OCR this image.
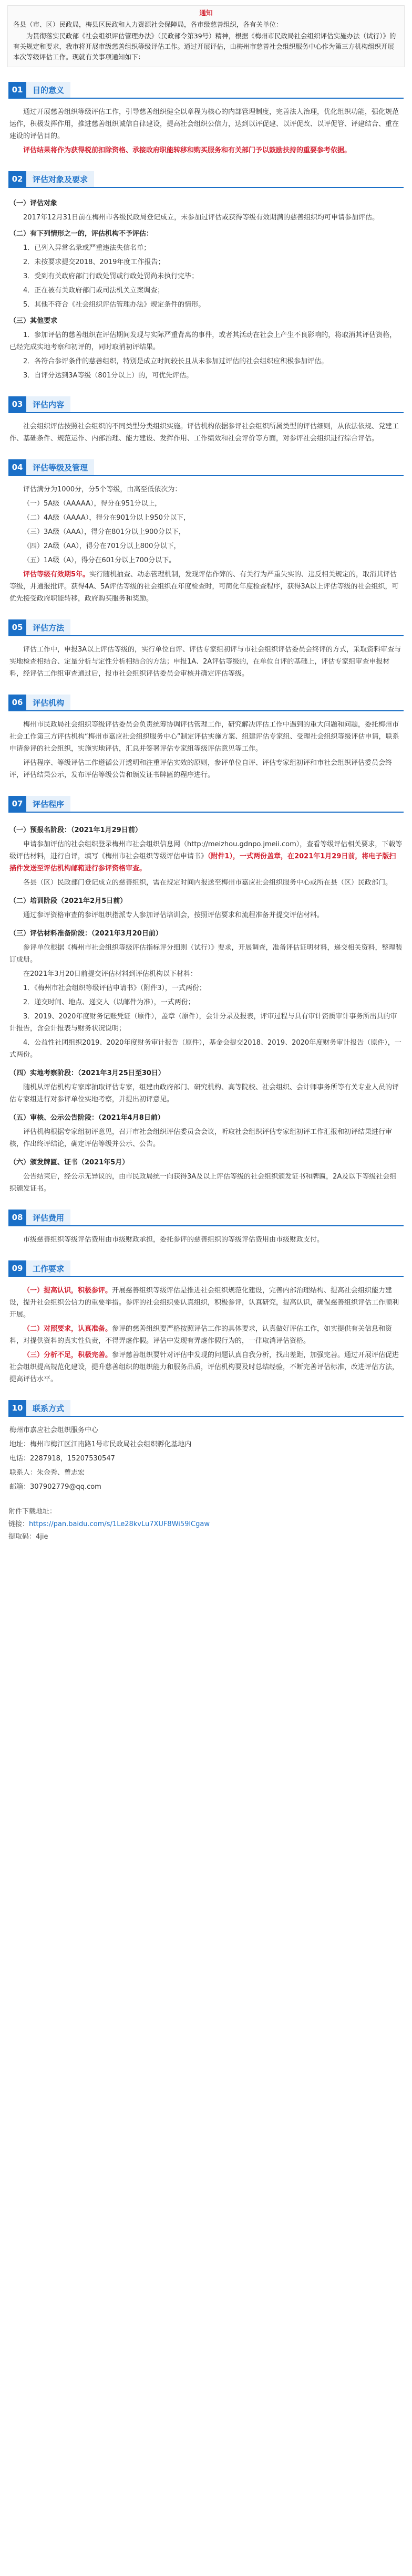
通知

各县（市、区）民政局，梅县区民政和人力资源社会保障局，各市级慈善组织，各有关单位：

为贯彻落实民政部《社会组织评估管理办法》（民政部令第39号）精神，根据《梅州市民政局社会组织评估实施办法（试行）》的有关规定和要求，我市将开展市级慈善组织等级评估工作。通过开展评估，由梅州市慈善社会组织服务中心作为第三方机构组织开展本次等级评估工作。现就有关事项通知如下：

01	目的意义

通过开展慈善组织等级评估工作，引导慈善组织健全以章程为核心的内部管理制度，完善法人治理，优化组织功能，强化规范运作，积极发挥作用，推进慈善组织诚信自律建设，提高社会组织公信力，达到以评促建、以评促改、以评促管、评建结合、重在建设的评估目的。

评估结果将作为获得税前扣除资格、承接政府职能转移和购买服务和有关部门予以鼓励扶持的重要参考依据。

02	评估对象及要求

（一）评估对象

2017年12月31日前在梅州市各级民政局登记成立，未参加过评估或获得等级有效期满的慈善组织均可申请参加评估。

（二）有下列情形之一的，评估机构不予评估：

1．已列入异常名录或严重违法失信名单；

2．未按要求提交2018、2019年度工作报告；

3．受到有关政府部门行政处罚或行政处罚尚未执行完毕；

4．正在被有关政府部门或司法机关立案调查；

5．其他不符合《社会组织评估管理办法》规定条件的情形。

（三）其他要求

1．参加评估的慈善组织在评估期间发现与实际严重背离的事件，或者其活动在社会上产生不良影响的，将取消其评估资格，已经完成实地考察和初评的，同时取消初评结果。

2．各符合参评条件的慈善组织，特别是成立时间较长且从未参加过评估的社会组织应积极参加评估。

3．自评分达到3A等级（801分以上）的，可优先评估。

03	评估内容

社会组织评估按照社会组织的不同类型分类组织实施。评估机构依据参评社会组织所属类型的评估细则，从依法依规、党建工作、基础条件、规范运作、内部治理、能力建设、发挥作用、工作绩效和社会评价等方面，对参评社会组织进行综合评估。

04	评估等级及管理

评估满分为1000分，分5个等级，由高至低依次为：

（一）5A级（AAAAA），得分在951分以上，

（二）4A级（AAAA），得分在901分以上950分以下，

（三）3A级（AAA），得分在801分以上900分以下，

（四）2A级（AA），得分在701分以上800分以下，

（五）1A级（A），得分在601分以上700分以下。

评估等级有效期5年。实行随机抽查、动态管理机制，发现评估作弊的、有关行为严重失实的、违反相关规定的，取消其评估等级，并通报批评。获得4A、5A评估等级的社会组织在年度检查时，可简化年度检查程序，获得3A以上评估等级的社会组织，可优先接受政府职能转移，政府购买服务和奖励。

05	评估方法

评估工作中，申报3A以上评估等级的，实行单位自评、评估专家组初评与市社会组织评估委员会终评的方式，采取资料审查与实地检查相结合、定量分析与定性分析相结合的方法；申报1A、2A评估等级的，在单位自评的基础上，评估专家组审查申报材料，经评估工作组审查通过后，报市社会组织评估委员会审核并确定评估等级。

06	评估机构

梅州市民政局社会组织等级评估委员会负责统筹协调评估管理工作，研究解决评估工作中遇到的重大问题和问题，委托梅州市社会工作第三方评估机构“梅州市嘉应社会组织服务中心”制定评估实施方案、组建评估专家组、受理社会组织等级评估申请，联系申请参评的社会组织，实施实地评估，汇总并签署评估专家组等级评估意见等工作。

评估程序、等级评估工作遵循公开透明和注重评估实效的原则，参评单位自评、评估专家组初评和市社会组织评估委员会终评，评估结果公示，发布评估等级公告和颁发证书牌匾的程序进行。

07	评估程序

（一）预报名阶段：（2021年1月29日前）

申请参加评估的社会组织登录梅州市社会组织信息网（http://meizhou.gdnpo.jmeii.com），查看等级评估相关要求，下载等级评估材料，进行自评，填写《梅州市社会组织等级评估申请书》（附件1），一式两份盖章，在2021年1月29日前，将电子版扫描件发送至评估机构邮箱进行参评资格审查。

各县（区）民政部门登记成立的慈善组织，需在规定时间内报送至梅州市嘉应社会组织服务中心或所在县（区）民政部门。

（二）培训阶段（2021年2月5日前）

通过参评资格审查的参评组织指派专人参加评估培训会，按照评估要求和流程准备并提交评估材料。

（三）评估材料准备阶段：（2021年3月20日前）

参评单位根据《梅州市社会组织等级评估指标评分细则（试行）》要求，开展调查，准备评估证明材料，递交相关资料，整理装订成册。

在2021年3月20日前提交评估材料到评估机构以下材料：

1．《梅州市社会组织等级评估申请书》（附件3），一式两份；

2．递交时间、地点、递交人（以邮件为准），一式两份；

3．2019、2020年度财务记账凭证（原件），盖章（原件），会计分录及报表，评审过程与具有审计资质审计事务所出具的审计报告，含会计报表与财务状况说明；

4．公益性社团组织2019、2020年度财务审计报告（原件），基金会提交2018、2019、2020年度财务审计报告（原件），一式两份。

（四）实地考察阶段：（2021年3月25日至30日）

随机从评估机构专家库抽取评估专家，组建由政府部门、研究机构、高等院校、社会组织、会计师事务所等有关专业人员的评估专家组进行对参评单位实地考察，并提出初评意见。

（五）审核、公示公告阶段：（2021年4月8日前）

评估机构根据专家组初评意见，召开市社会组织评估委员会会议，听取社会组织评估专家组初评工作汇报和初评结果进行审核，作出终评结论，确定评估等级并公示、公告。

（六）颁发牌匾、证书（2021年5月）

公告结束后，经公示无异议的，由市民政局统一向获得3A及以上评估等级的社会组织颁发证书和牌匾，2A及以下等级社会组织颁发证书。

08	评估费用

市级慈善组织等级评估费用由市级财政承担，委托参评的慈善组织的等级评估费用由市级财政支付。

09	工作要求

（一）提高认识，积极参评。开展慈善组织等级评估是推进社会组织规范化建设，完善内部治理结构、提高社会组织能力建设，提升社会组织公信力的重要举措。参评的社会组织要认真组织，积极参评，认真研究，提高认识，确保慈善组织评估工作顺利开展。

（二）对照要求，认真准备。参评的慈善组织要严格按照评估工作的具体要求，认真做好评估工作，如实提供有关信息和资料，对提供资料的真实性负责，不得弄虚作假。评估中发现有弄虚作假行为的，一律取消评估资格。

（三）分析不足，积极完善。参评慈善组织要针对评估中发现的问题认真自我分析，找出差距，加强完善。通过开展评估促进社会组织提高规范化建设，提升慈善组织的组织能力和服务品质，评估机构要及时总结经验，不断完善评估标准，改进评估方法，提高评估水平。

10	联系方式

梅州市嘉应社会组织服务中心

地址：梅州市梅江区江南路1号市民政局社会组织孵化基地内

电话：2287918，15207530547

联系人：朱金秀、曾志宏

邮箱：307902779@qq.com

附件下载地址：
链接：https://pan.baidu.com/s/1Le28kvLu7XUF8Wi59lCgaw
提取码：4jie
